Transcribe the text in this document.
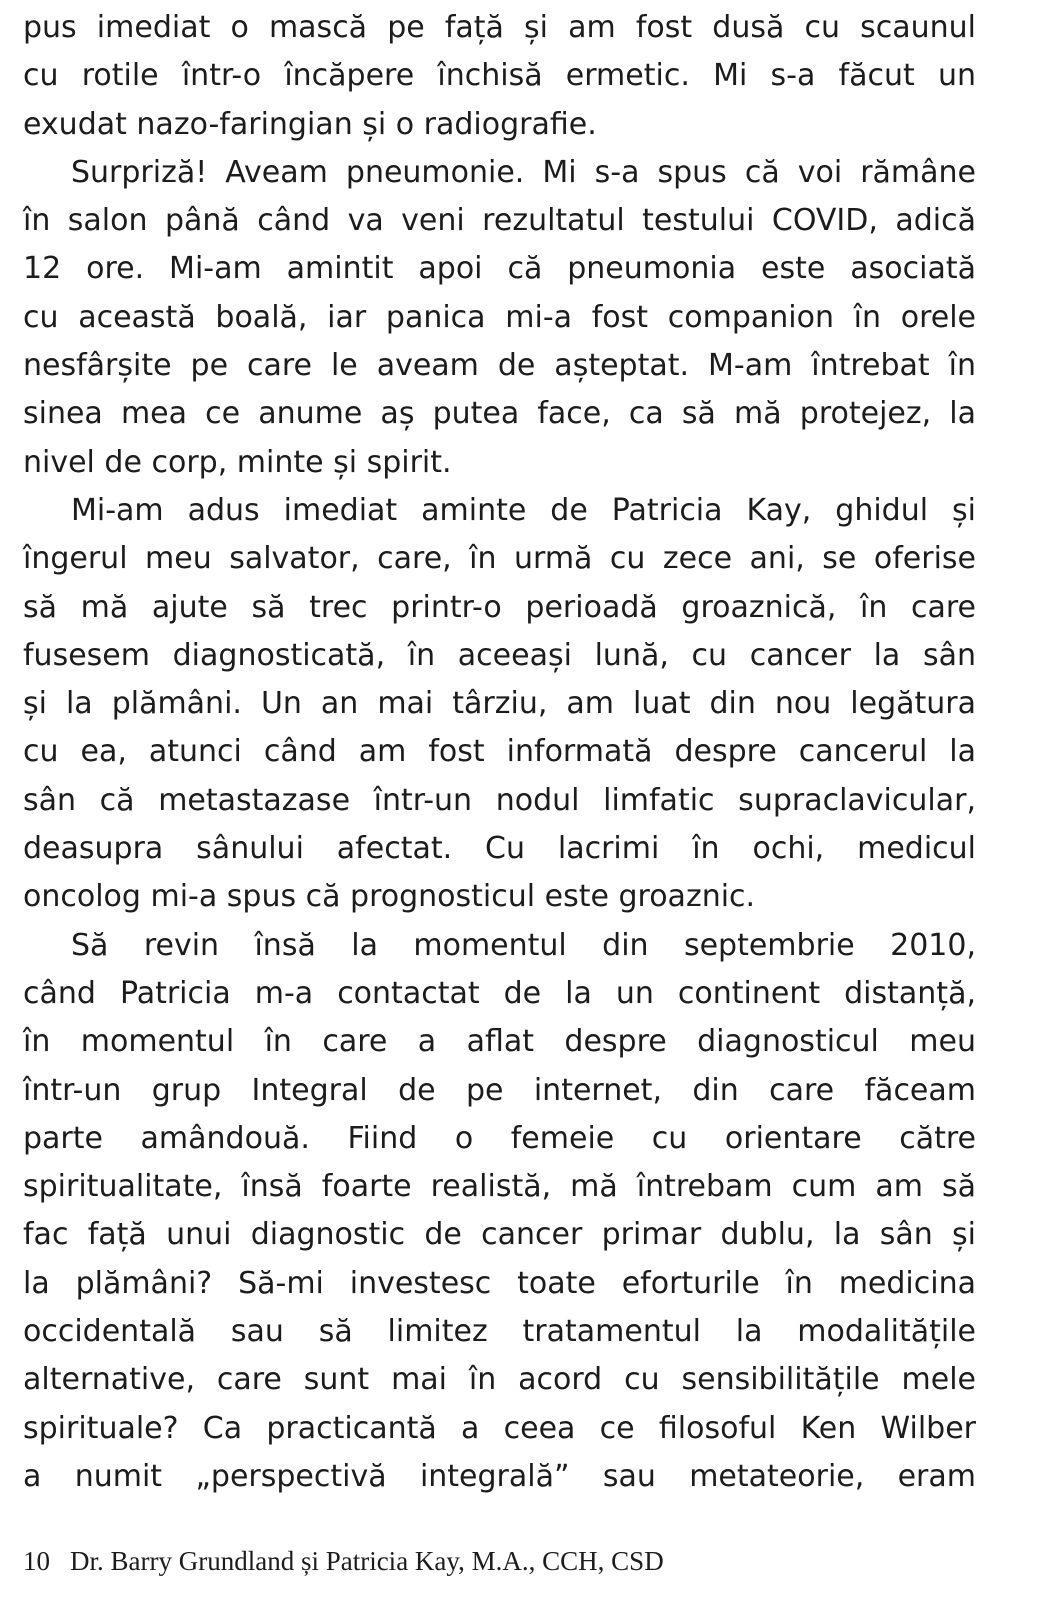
pus imediat o mască pe față și am fost dusă cu scaunul
cu rotile într-o încăpere închisă ermetic. Mi s-a făcut un
exudat nazo-faringian și o radiografie.
Surpriză! Aveam pneumonie. Mi s-a spus că voi rămâne
în salon până când va veni rezultatul testului COVID, adică
12 ore. Mi-am amintit apoi că pneumonia este asociată
cu această boală, iar panica mi-a fost companion în orele
nesfârșite pe care le aveam de așteptat. M-am întrebat în
sinea mea ce anume aș putea face, ca să mă protejez, la
nivel de corp, minte și spirit.
Mi-am adus imediat aminte de Patricia Kay, ghidul și
îngerul meu salvator, care, în urmă cu zece ani, se oferise
să mă ajute să trec printr-o perioadă groaznică, în care
fusesem diagnosticată, în aceeași lună, cu cancer la sân
și la plămâni. Un an mai târziu, am luat din nou legătura
cu ea, atunci când am fost informată despre cancerul la
sân că metastazase într-un nodul limfatic supraclavicular,
deasupra sânului afectat. Cu lacrimi în ochi, medicul
oncolog mi-a spus că prognosticul este groaznic.
Să revin însă la momentul din septembrie 2010,
când Patricia m-a contactat de la un continent distanță,
în momentul în care a aflat despre diagnosticul meu
într-un grup Integral de pe internet, din care făceam
parte amândouă. Fiind o femeie cu orientare către
spiritualitate, însă foarte realistă, mă întrebam cum am să
fac față unui diagnostic de cancer primar dublu, la sân și
la plămâni? Să-mi investesc toate eforturile în medicina
occidentală sau să limitez tratamentul la modalitățile
alternative, care sunt mai în acord cu sensibilitățile mele
spirituale? Ca practicantă a ceea ce filosoful Ken Wilber
a numit „perspectivă integrală” sau metateorie, eram
10 Dr. Barry Grundland și Patricia Kay, M.A., CCH, CSD
